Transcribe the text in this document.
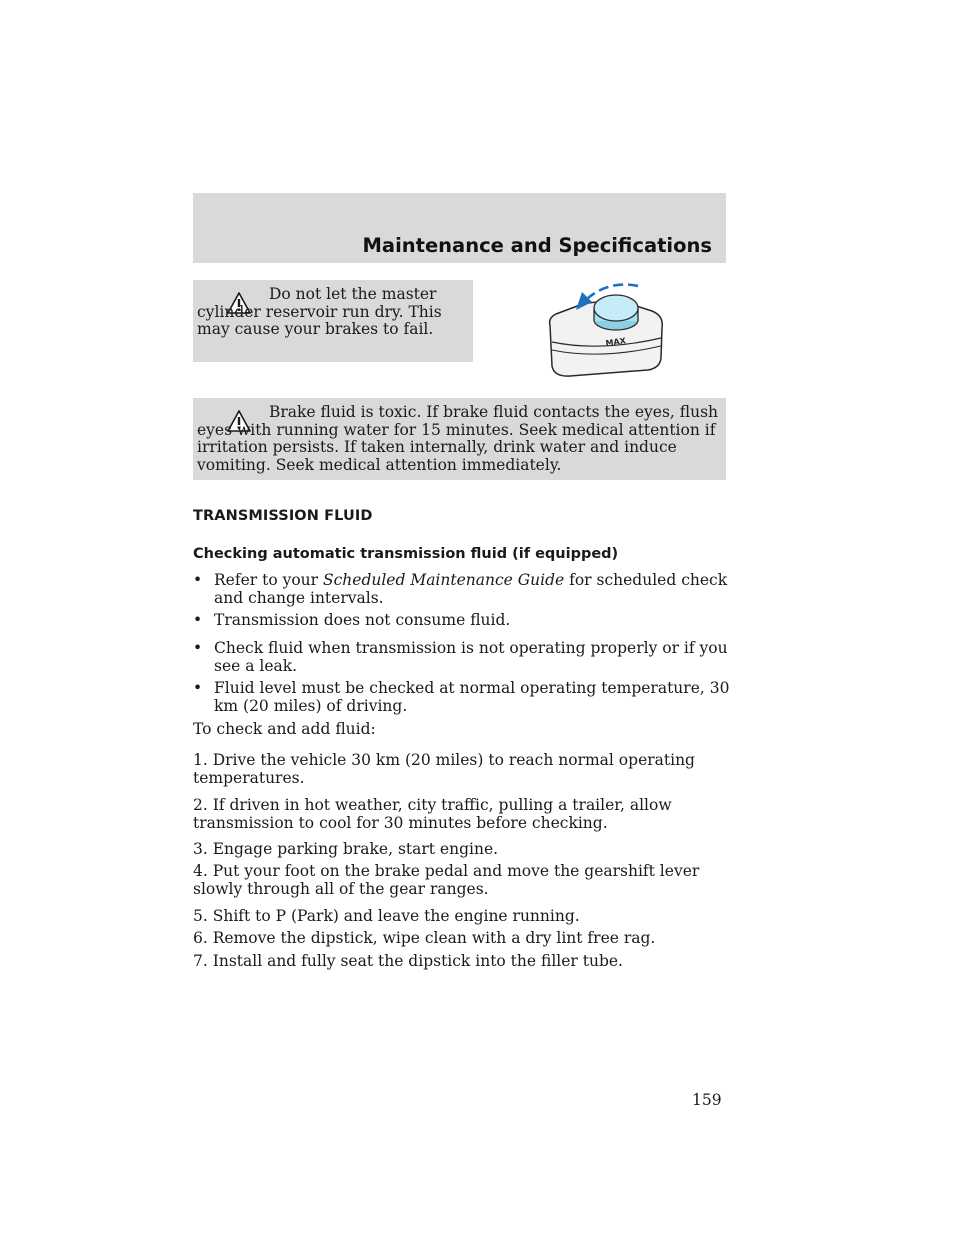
Maintenance and Specifications
Do not let the master cylinder reservoir run dry. This may cause your brakes to fail.
MAX
Brake fluid is toxic. If brake fluid contacts the eyes, flush eyes with running water for 15 minutes. Seek medical attention if irritation persists. If taken internally, drink water and induce vomiting. Seek medical attention immediately.
TRANSMISSION FLUID
Checking automatic transmission fluid (if equipped)
• Refer to your Scheduled Maintenance Guide for scheduled check and change intervals.
• Transmission does not consume fluid.
• Check fluid when transmission is not operating properly or if you see a leak.
• Fluid level must be checked at normal operating temperature, 30 km (20 miles) of driving.
To check and add fluid:
1. Drive the vehicle 30 km (20 miles) to reach normal operating temperatures.
2. If driven in hot weather, city traffic, pulling a trailer, allow transmission to cool for 30 minutes before checking.
3. Engage parking brake, start engine.
4. Put your foot on the brake pedal and move the gearshift lever slowly through all of the gear ranges.
5. Shift to P (Park) and leave the engine running.
6. Remove the dipstick, wipe clean with a dry lint free rag.
7. Install and fully seat the dipstick into the filler tube.
159
